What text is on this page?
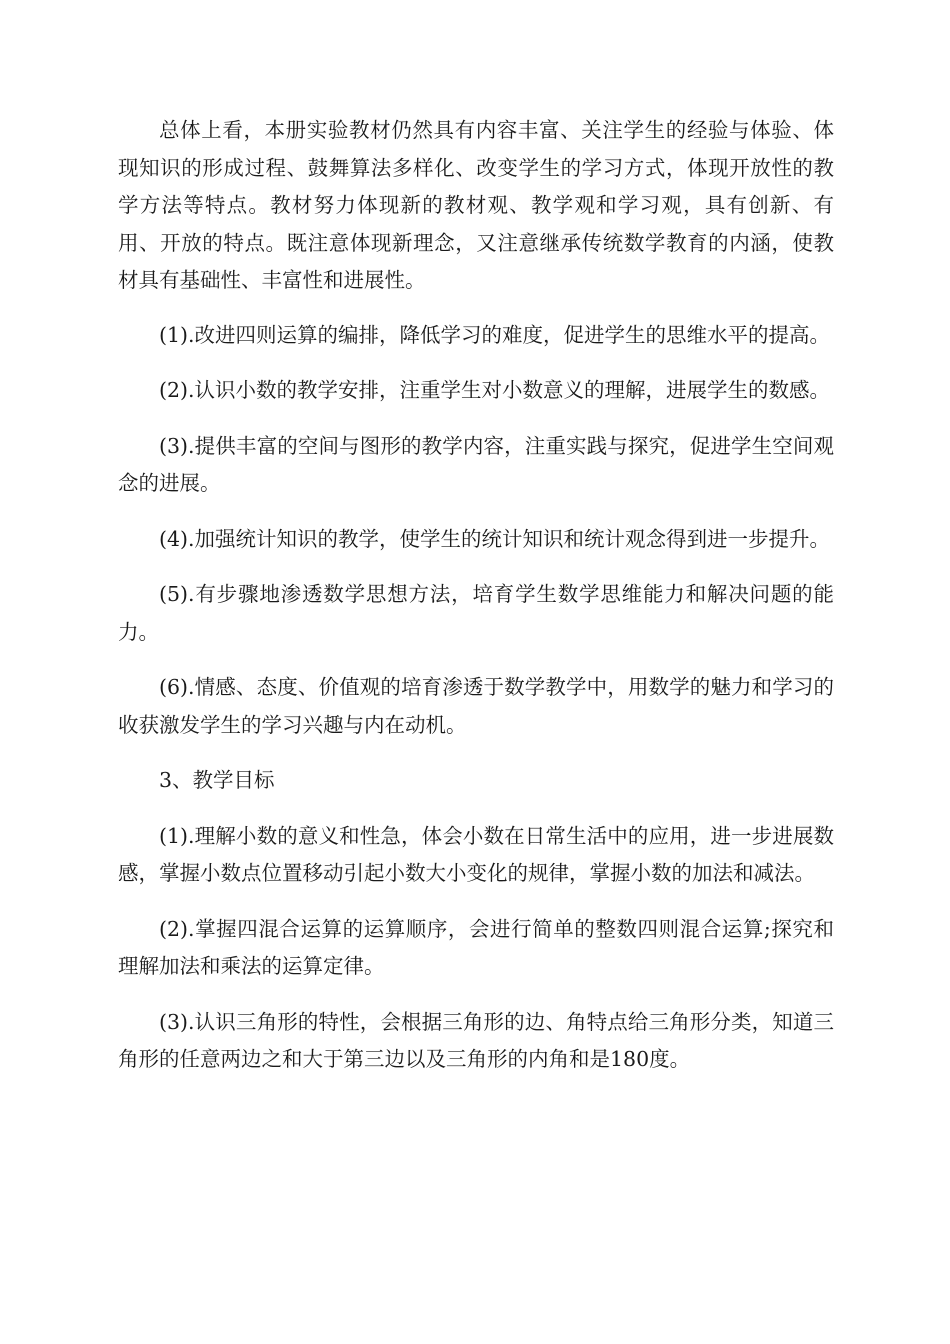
总体上看，本册实验教材仍然具有内容丰富、关注学生的经验与体验、体现知识的形成过程、鼓舞算法多样化、改变学生的学习方式，体现开放性的教学方法等特点。教材努力体现新的教材观、教学观和学习观，具有创新、有用、开放的特点。既注意体现新理念，又注意继承传统数学教育的内涵，使教材具有基础性、丰富性和进展性。

(1).改进四则运算的编排，降低学习的难度，促进学生的思维水平的提高。

(2).认识小数的教学安排，注重学生对小数意义的理解，进展学生的数感。

(3).提供丰富的空间与图形的教学内容，注重实践与探究，促进学生空间观念的进展。

(4).加强统计知识的教学，使学生的统计知识和统计观念得到进一步提升。

(5).有步骤地渗透数学思想方法，培育学生数学思维能力和解决问题的能力。

(6).情感、态度、价值观的培育渗透于数学教学中，用数学的魅力和学习的收获激发学生的学习兴趣与内在动机。

3、教学目标

(1).理解小数的意义和性急，体会小数在日常生活中的应用，进一步进展数感，掌握小数点位置移动引起小数大小变化的规律，掌握小数的加法和减法。

(2).掌握四混合运算的运算顺序，会进行简单的整数四则混合运算;探究和理解加法和乘法的运算定律。

(3).认识三角形的特性，会根据三角形的边、角特点给三角形分类，知道三角形的任意两边之和大于第三边以及三角形的内角和是180度。
